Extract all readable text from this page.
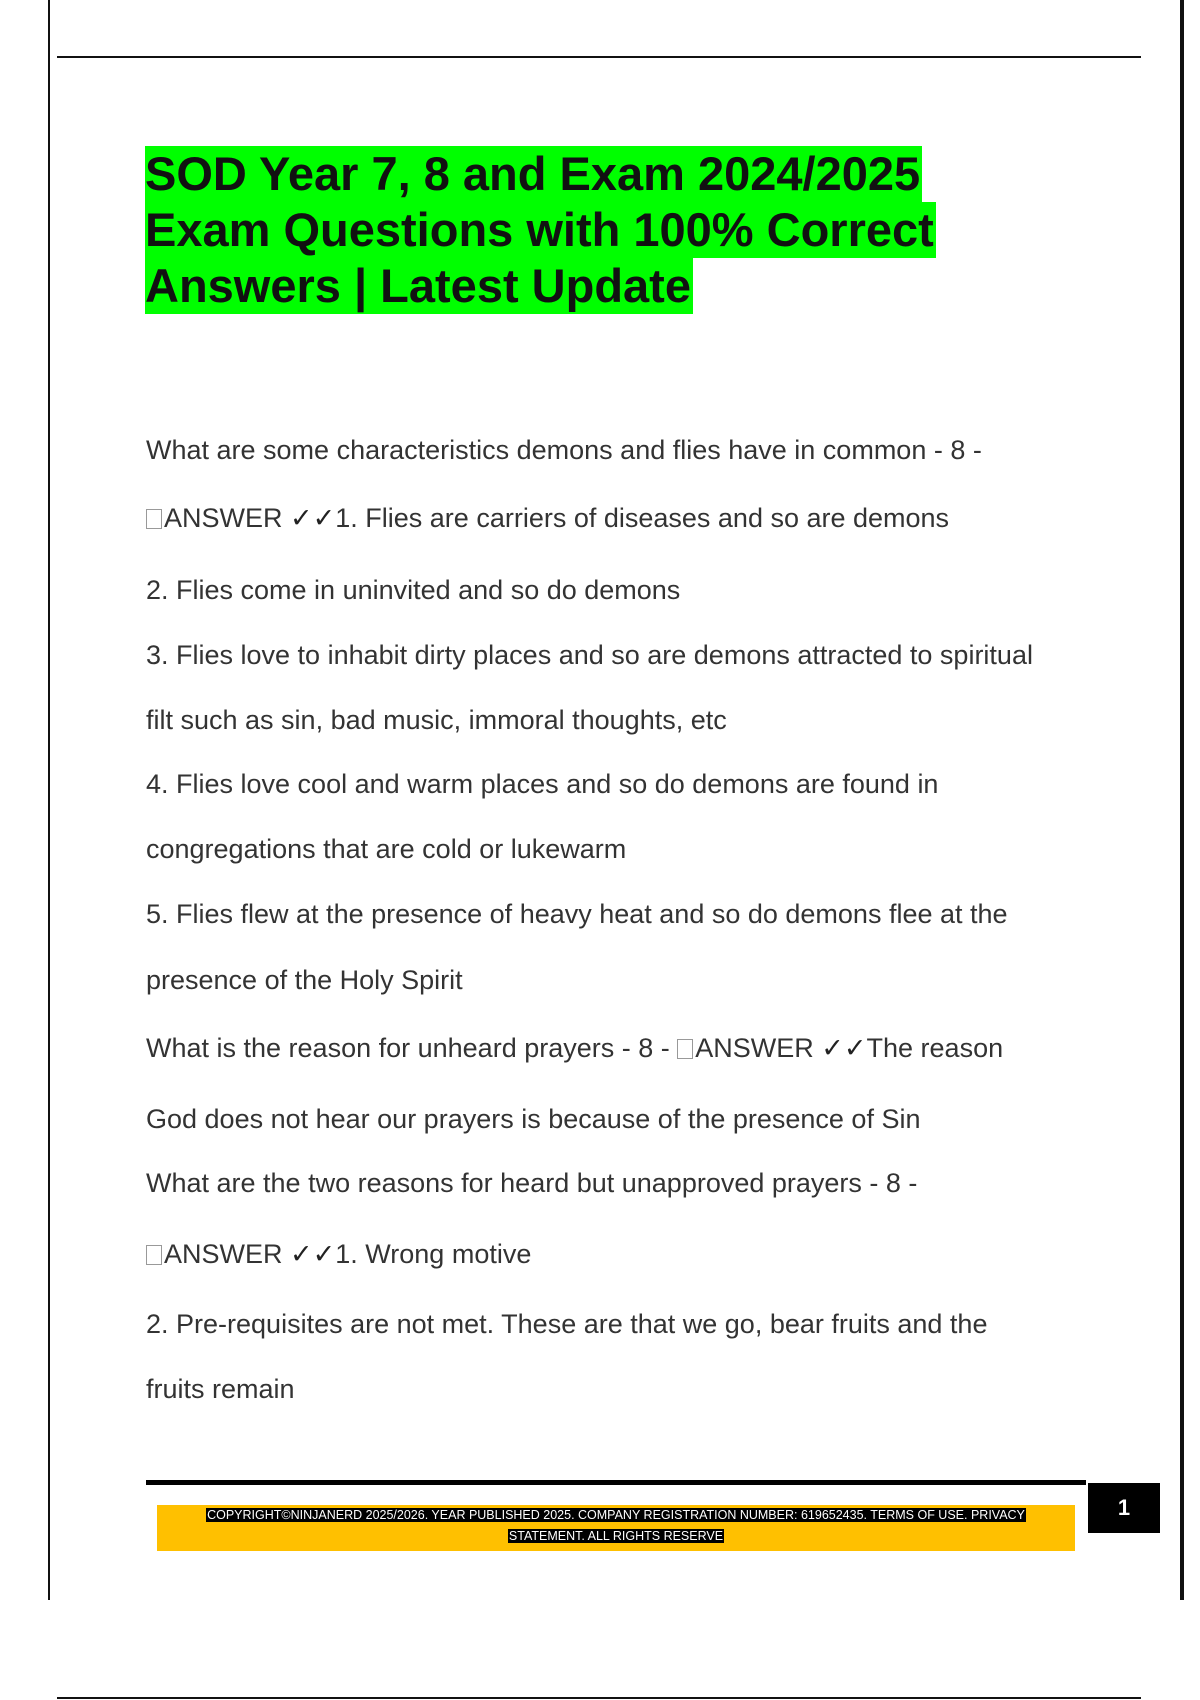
SOD Year 7, 8 and Exam 2024/2025
Exam Questions with 100% Correct
Answers | Latest Update
What are some characteristics demons and flies have in common - 8 -
ANSWER ✓✓1. Flies are carriers of diseases and so are demons
2. Flies come in uninvited and so do demons
3. Flies love to inhabit dirty places and so are demons attracted to spiritual
filt such as sin, bad music, immoral thoughts, etc
4. Flies love cool and warm places and so do demons are found in
congregations that are cold or lukewarm
5. Flies flew at the presence of heavy heat and so do demons flee at the
presence of the Holy Spirit
What is the reason for unheard prayers - 8 - ANSWER ✓✓The reason
God does not hear our prayers is because of the presence of Sin
What are the two reasons for heard but unapproved prayers - 8 -
ANSWER ✓✓1. Wrong motive
2. Pre-requisites are not met. These are that we go, bear fruits and the
fruits remain
1
COPYRIGHT©NINJANERD 2025/2026. YEAR PUBLISHED 2025. COMPANY REGISTRATION NUMBER: 619652435. TERMS OF USE. PRIVACY
STATEMENT. ALL RIGHTS RESERVE
